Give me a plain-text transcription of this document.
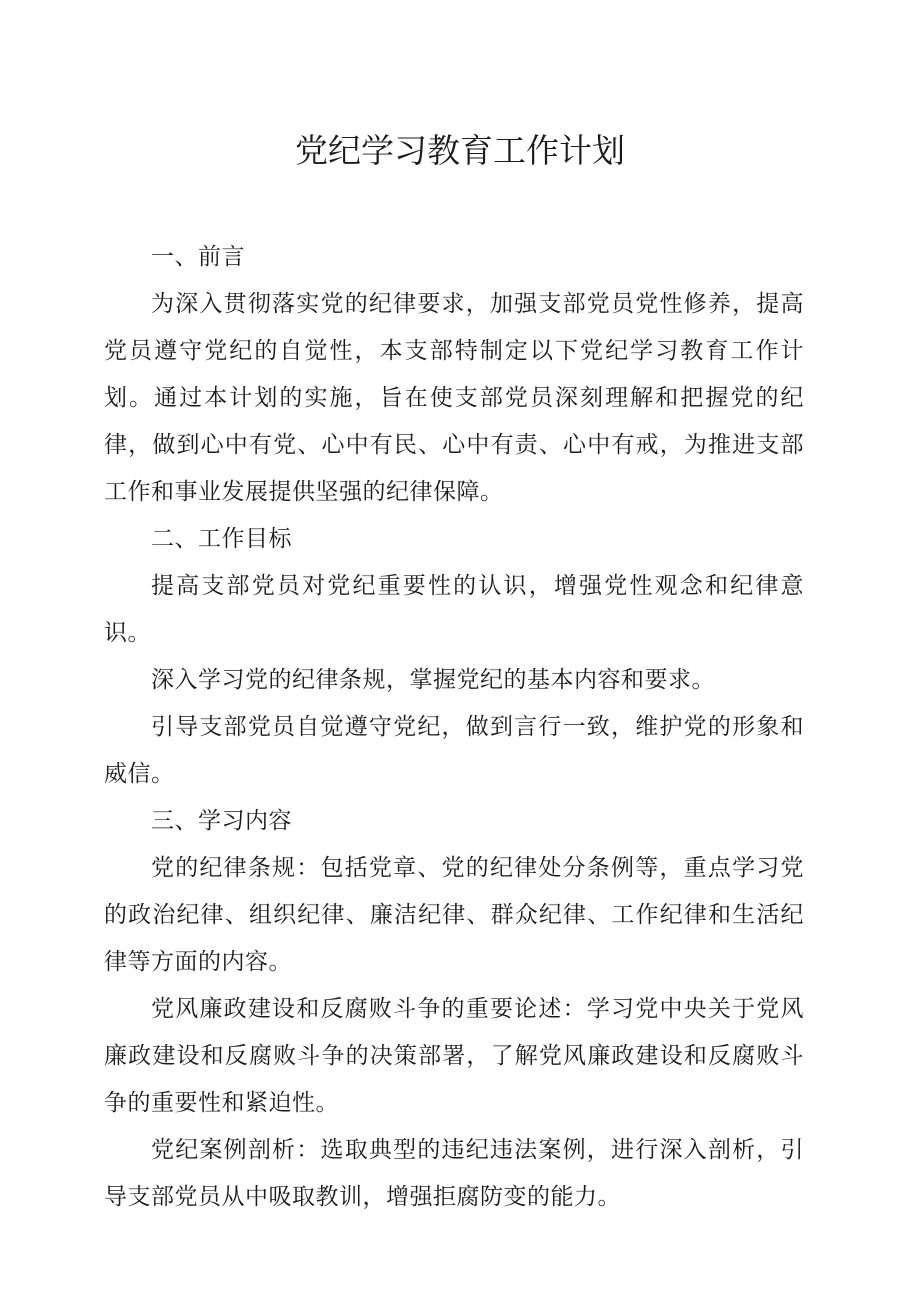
党纪学习教育工作计划

一、前言

为深入贯彻落实党的纪律要求，加强支部党员党性修养，提高党员遵守党纪的自觉性，本支部特制定以下党纪学习教育工作计划。通过本计划的实施，旨在使支部党员深刻理解和把握党的纪律，做到心中有党、心中有民、心中有责、心中有戒，为推进支部工作和事业发展提供坚强的纪律保障。

二、工作目标

提高支部党员对党纪重要性的认识，增强党性观念和纪律意识。

深入学习党的纪律条规，掌握党纪的基本内容和要求。

引导支部党员自觉遵守党纪，做到言行一致，维护党的形象和威信。

三、学习内容

党的纪律条规：包括党章、党的纪律处分条例等，重点学习党的政治纪律、组织纪律、廉洁纪律、群众纪律、工作纪律和生活纪律等方面的内容。

党风廉政建设和反腐败斗争的重要论述：学习党中央关于党风廉政建设和反腐败斗争的决策部署，了解党风廉政建设和反腐败斗争的重要性和紧迫性。

党纪案例剖析：选取典型的违纪违法案例，进行深入剖析，引导支部党员从中吸取教训，增强拒腐防变的能力。
